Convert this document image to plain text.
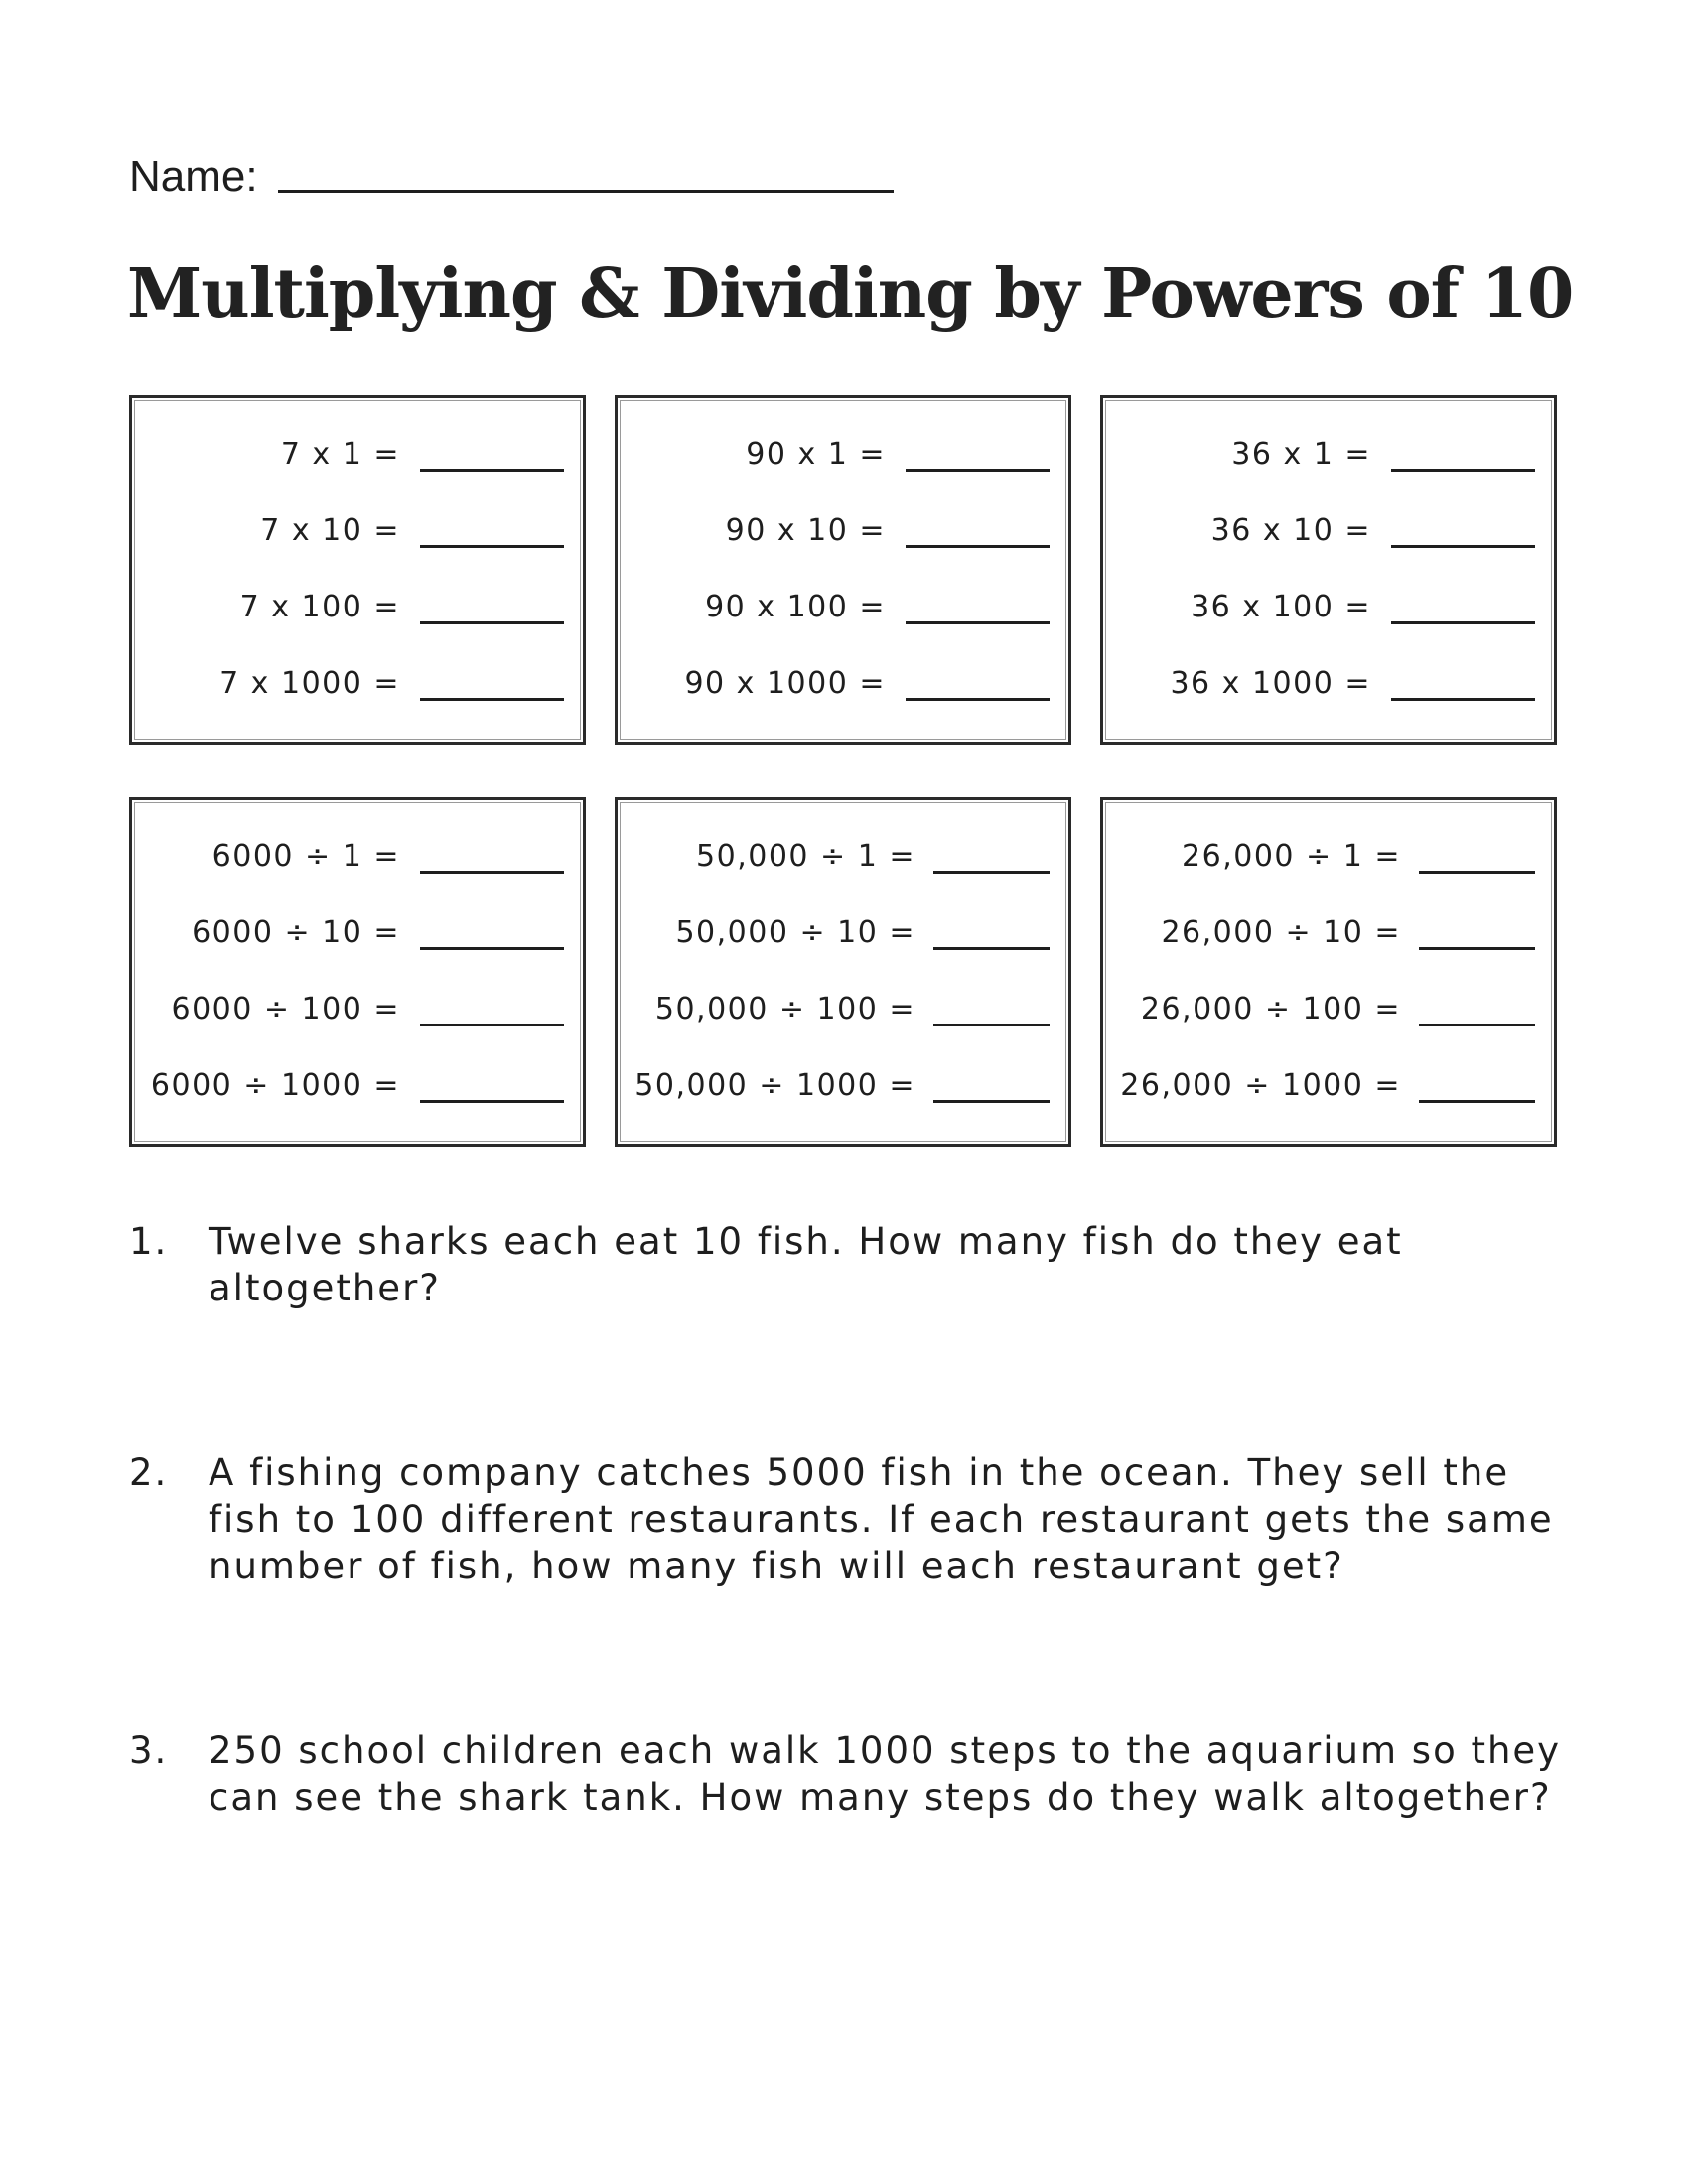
Name:
Multiplying & Dividing by Powers of 10
7 x 1 =
7 x 10 =
7 x 100 =
7 x 1000 =
90 x 1 =
90 x 10 =
90 x 100 =
90 x 1000 =
36 x 1 =
36 x 10 =
36 x 100 =
36 x 1000 =
6000 ÷ 1 =
6000 ÷ 10 =
6000 ÷ 100 =
6000 ÷ 1000 =
50,000 ÷ 1 =
50,000 ÷ 10 =
50,000 ÷ 100 =
50,000 ÷ 1000 =
26,000 ÷ 1 =
26,000 ÷ 10 =
26,000 ÷ 100 =
26,000 ÷ 1000 =
1.	Twelve sharks each eat 10 fish. How many fish do they eat altogether?
2.	A fishing company catches 5000 fish in the ocean. They sell the fish to 100 different restaurants. If each restaurant gets the same number of fish, how many fish will each restaurant get?
3.	250 school children each walk 1000 steps to the aquarium so they can see the shark tank. How many steps do they walk altogether?
